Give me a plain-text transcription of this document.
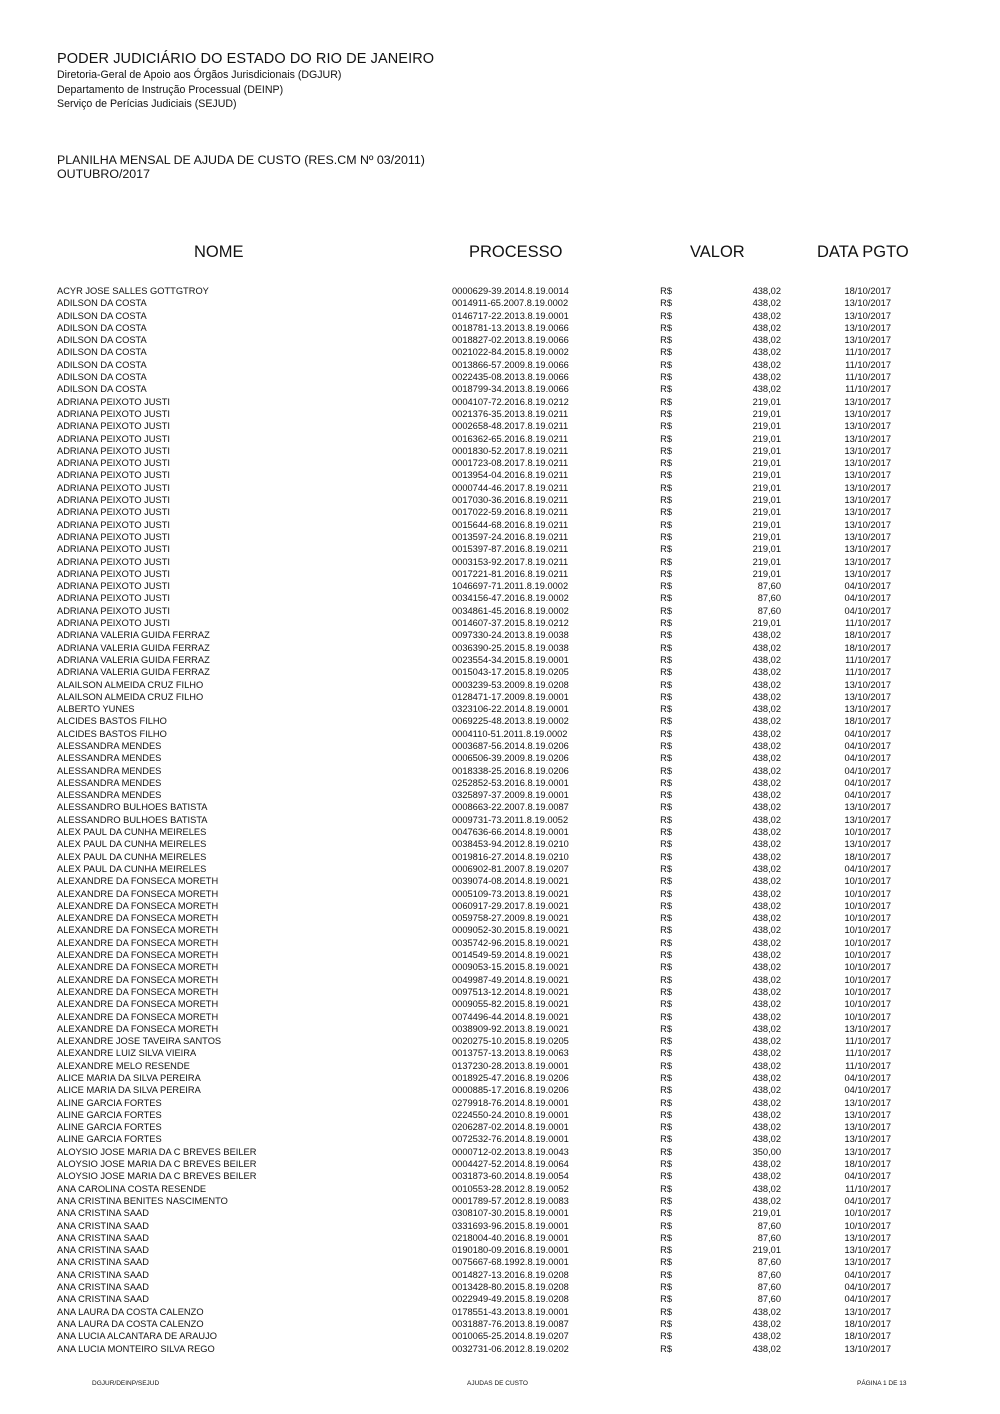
PODER JUDICIÁRIO DO ESTADO DO RIO DE JANEIRO
Diretoria-Geral de Apoio aos Órgãos Jurisdicionais (DGJUR)
Departamento de Instrução Processual (DEINP)
Serviço de Perícias Judiciais (SEJUD)
PLANILHA MENSAL DE AJUDA DE CUSTO (RES.CM Nº 03/2011)
OUTUBRO/2017
NOME	PROCESSO	VALOR	DATA PGTO
ACYR JOSE SALLES GOTTGTROY	0000629-39.2014.8.19.0014	R$	438,02	18/10/2017
ADILSON DA COSTA	0014911-65.2007.8.19.0002	R$	438,02	13/10/2017
ADILSON DA COSTA	0146717-22.2013.8.19.0001	R$	438,02	13/10/2017
ADILSON DA COSTA	0018781-13.2013.8.19.0066	R$	438,02	13/10/2017
ADILSON DA COSTA	0018827-02.2013.8.19.0066	R$	438,02	13/10/2017
ADILSON DA COSTA	0021022-84.2015.8.19.0002	R$	438,02	11/10/2017
ADILSON DA COSTA	0013866-57.2009.8.19.0066	R$	438,02	11/10/2017
ADILSON DA COSTA	0022435-08.2013.8.19.0066	R$	438,02	11/10/2017
ADILSON DA COSTA	0018799-34.2013.8.19.0066	R$	438,02	11/10/2017
ADRIANA PEIXOTO JUSTI	0004107-72.2016.8.19.0212	R$	219,01	13/10/2017
ADRIANA PEIXOTO JUSTI	0021376-35.2013.8.19.0211	R$	219,01	13/10/2017
ADRIANA PEIXOTO JUSTI	0002658-48.2017.8.19.0211	R$	219,01	13/10/2017
ADRIANA PEIXOTO JUSTI	0016362-65.2016.8.19.0211	R$	219,01	13/10/2017
ADRIANA PEIXOTO JUSTI	0001830-52.2017.8.19.0211	R$	219,01	13/10/2017
ADRIANA PEIXOTO JUSTI	0001723-08.2017.8.19.0211	R$	219,01	13/10/2017
ADRIANA PEIXOTO JUSTI	0013954-04.2016.8.19.0211	R$	219,01	13/10/2017
ADRIANA PEIXOTO JUSTI	0000744-46.2017.8.19.0211	R$	219,01	13/10/2017
ADRIANA PEIXOTO JUSTI	0017030-36.2016.8.19.0211	R$	219,01	13/10/2017
ADRIANA PEIXOTO JUSTI	0017022-59.2016.8.19.0211	R$	219,01	13/10/2017
ADRIANA PEIXOTO JUSTI	0015644-68.2016.8.19.0211	R$	219,01	13/10/2017
ADRIANA PEIXOTO JUSTI	0013597-24.2016.8.19.0211	R$	219,01	13/10/2017
ADRIANA PEIXOTO JUSTI	0015397-87.2016.8.19.0211	R$	219,01	13/10/2017
ADRIANA PEIXOTO JUSTI	0003153-92.2017.8.19.0211	R$	219,01	13/10/2017
ADRIANA PEIXOTO JUSTI	0017221-81.2016.8.19.0211	R$	219,01	13/10/2017
ADRIANA PEIXOTO JUSTI	1046697-71.2011.8.19.0002	R$	87,60	04/10/2017
ADRIANA PEIXOTO JUSTI	0034156-47.2016.8.19.0002	R$	87,60	04/10/2017
ADRIANA PEIXOTO JUSTI	0034861-45.2016.8.19.0002	R$	87,60	04/10/2017
ADRIANA PEIXOTO JUSTI	0014607-37.2015.8.19.0212	R$	219,01	11/10/2017
ADRIANA VALERIA GUIDA FERRAZ	0097330-24.2013.8.19.0038	R$	438,02	18/10/2017
ADRIANA VALERIA GUIDA FERRAZ	0036390-25.2015.8.19.0038	R$	438,02	18/10/2017
ADRIANA VALERIA GUIDA FERRAZ	0023554-34.2015.8.19.0001	R$	438,02	11/10/2017
ADRIANA VALERIA GUIDA FERRAZ	0015043-17.2015.8.19.0205	R$	438,02	11/10/2017
ALAILSON ALMEIDA CRUZ FILHO	0003239-53.2009.8.19.0208	R$	438,02	13/10/2017
ALAILSON ALMEIDA CRUZ FILHO	0128471-17.2009.8.19.0001	R$	438,02	13/10/2017
ALBERTO YUNES	0323106-22.2014.8.19.0001	R$	438,02	13/10/2017
ALCIDES BASTOS FILHO	0069225-48.2013.8.19.0002	R$	438,02	18/10/2017
ALCIDES BASTOS FILHO	0004110-51.2011.8.19.0002	R$	438,02	04/10/2017
ALESSANDRA MENDES	0003687-56.2014.8.19.0206	R$	438,02	04/10/2017
ALESSANDRA MENDES	0006506-39.2009.8.19.0206	R$	438,02	04/10/2017
ALESSANDRA MENDES	0018338-25.2016.8.19.0206	R$	438,02	04/10/2017
ALESSANDRA MENDES	0252852-53.2016.8.19.0001	R$	438,02	04/10/2017
ALESSANDRA MENDES	0325897-37.2009.8.19.0001	R$	438,02	04/10/2017
ALESSANDRO BULHOES BATISTA	0008663-22.2007.8.19.0087	R$	438,02	13/10/2017
ALESSANDRO BULHOES BATISTA	0009731-73.2011.8.19.0052	R$	438,02	13/10/2017
ALEX PAUL DA CUNHA MEIRELES	0047636-66.2014.8.19.0001	R$	438,02	10/10/2017
ALEX PAUL DA CUNHA MEIRELES	0038453-94.2012.8.19.0210	R$	438,02	13/10/2017
ALEX PAUL DA CUNHA MEIRELES	0019816-27.2014.8.19.0210	R$	438,02	18/10/2017
ALEX PAUL DA CUNHA MEIRELES	0006902-81.2007.8.19.0207	R$	438,02	04/10/2017
ALEXANDRE DA FONSECA MORETH	0039074-08.2014.8.19.0021	R$	438,02	10/10/2017
ALEXANDRE DA FONSECA MORETH	0005109-73.2013.8.19.0021	R$	438,02	10/10/2017
ALEXANDRE DA FONSECA MORETH	0060917-29.2017.8.19.0021	R$	438,02	10/10/2017
ALEXANDRE DA FONSECA MORETH	0059758-27.2009.8.19.0021	R$	438,02	10/10/2017
ALEXANDRE DA FONSECA MORETH	0009052-30.2015.8.19.0021	R$	438,02	10/10/2017
ALEXANDRE DA FONSECA MORETH	0035742-96.2015.8.19.0021	R$	438,02	10/10/2017
ALEXANDRE DA FONSECA MORETH	0014549-59.2014.8.19.0021	R$	438,02	10/10/2017
ALEXANDRE DA FONSECA MORETH	0009053-15.2015.8.19.0021	R$	438,02	10/10/2017
ALEXANDRE DA FONSECA MORETH	0049987-49.2014.8.19.0021	R$	438,02	10/10/2017
ALEXANDRE DA FONSECA MORETH	0097513-12.2014.8.19.0021	R$	438,02	10/10/2017
ALEXANDRE DA FONSECA MORETH	0009055-82.2015.8.19.0021	R$	438,02	10/10/2017
ALEXANDRE DA FONSECA MORETH	0074496-44.2014.8.19.0021	R$	438,02	10/10/2017
ALEXANDRE DA FONSECA MORETH	0038909-92.2013.8.19.0021	R$	438,02	13/10/2017
ALEXANDRE JOSE TAVEIRA SANTOS	0020275-10.2015.8.19.0205	R$	438,02	11/10/2017
ALEXANDRE LUIZ SILVA VIEIRA	0013757-13.2013.8.19.0063	R$	438,02	11/10/2017
ALEXANDRE MELO RESENDE	0137230-28.2013.8.19.0001	R$	438,02	11/10/2017
ALICE MARIA DA SILVA PEREIRA	0018925-47.2016.8.19.0206	R$	438,02	04/10/2017
ALICE MARIA DA SILVA PEREIRA	0000885-17.2016.8.19.0206	R$	438,02	04/10/2017
ALINE GARCIA FORTES	0279918-76.2014.8.19.0001	R$	438,02	13/10/2017
ALINE GARCIA FORTES	0224550-24.2010.8.19.0001	R$	438,02	13/10/2017
ALINE GARCIA FORTES	0206287-02.2014.8.19.0001	R$	438,02	13/10/2017
ALINE GARCIA FORTES	0072532-76.2014.8.19.0001	R$	438,02	13/10/2017
ALOYSIO JOSE MARIA DA C BREVES BEILER	0000712-02.2013.8.19.0043	R$	350,00	13/10/2017
ALOYSIO JOSE MARIA DA C BREVES BEILER	0004427-52.2014.8.19.0064	R$	438,02	18/10/2017
ALOYSIO JOSE MARIA DA C BREVES BEILER	0031873-60.2014.8.19.0054	R$	438,02	04/10/2017
ANA CAROLINA COSTA RESENDE	0010553-28.2012.8.19.0052	R$	438,02	11/10/2017
ANA CRISTINA BENITES NASCIMENTO	0001789-57.2012.8.19.0083	R$	438,02	04/10/2017
ANA CRISTINA SAAD	0308107-30.2015.8.19.0001	R$	219,01	10/10/2017
ANA CRISTINA SAAD	0331693-96.2015.8.19.0001	R$	87,60	10/10/2017
ANA CRISTINA SAAD	0218004-40.2016.8.19.0001	R$	87,60	13/10/2017
ANA CRISTINA SAAD	0190180-09.2016.8.19.0001	R$	219,01	13/10/2017
ANA CRISTINA SAAD	0075667-68.1992.8.19.0001	R$	87,60	13/10/2017
ANA CRISTINA SAAD	0014827-13.2016.8.19.0208	R$	87,60	04/10/2017
ANA CRISTINA SAAD	0013428-80.2015.8.19.0208	R$	87,60	04/10/2017
ANA CRISTINA SAAD	0022949-49.2015.8.19.0208	R$	87,60	04/10/2017
ANA LAURA DA COSTA CALENZO	0178551-43.2013.8.19.0001	R$	438,02	13/10/2017
ANA LAURA DA COSTA CALENZO	0031887-76.2013.8.19.0087	R$	438,02	18/10/2017
ANA LUCIA ALCANTARA DE ARAUJO	0010065-25.2014.8.19.0207	R$	438,02	18/10/2017
ANA LUCIA MONTEIRO SILVA REGO	0032731-06.2012.8.19.0202	R$	438,02	13/10/2017
DGJUR/DEINP/SEJUD	AJUDAS DE CUSTO	PÁGINA 1 DE 13
